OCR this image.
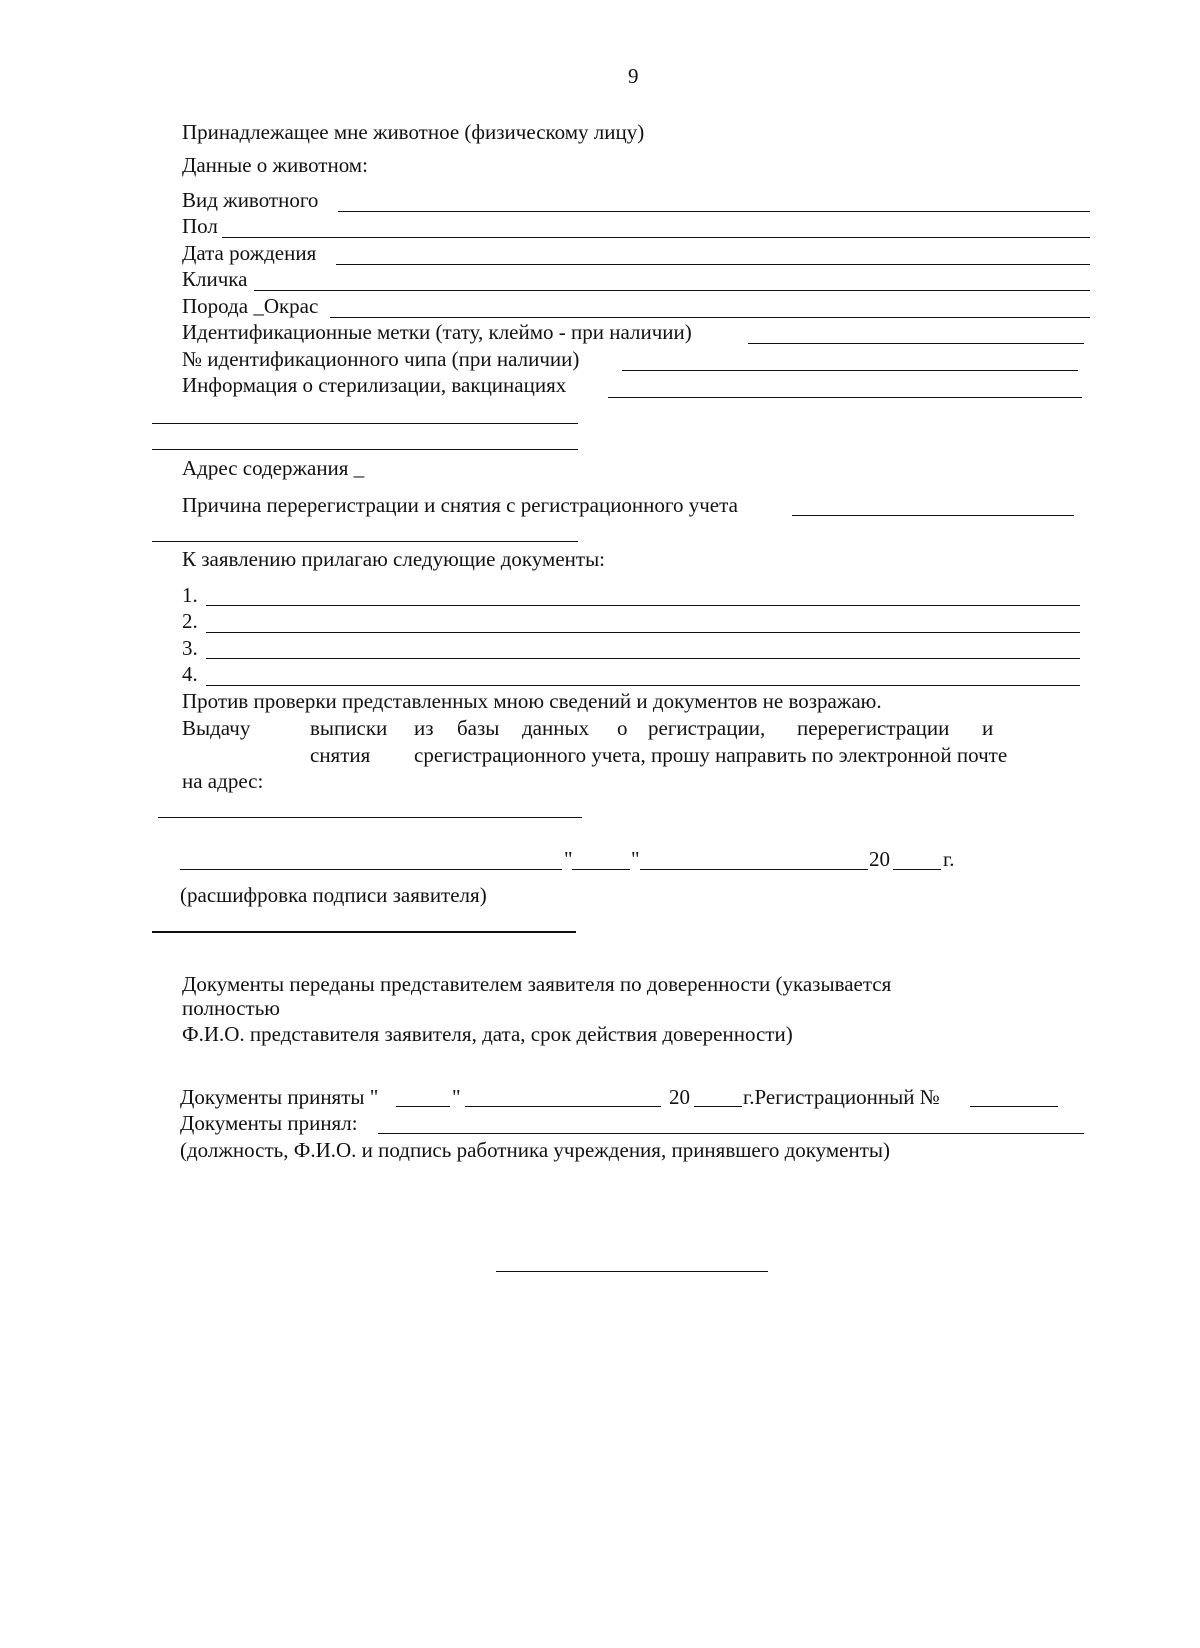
9
Принадлежащее мне животное (физическому лицу)
Данные о животном:
Вид животного
Пол
Дата рождения
Кличка
Порода _Окрас
Идентификационные метки (тату, клеймо - при наличии)
№ идентификационного чипа (при наличии)
Информация о стерилизации, вакцинациях
Адрес содержания _
Причина перерегистрации и снятия с регистрационного учета
К заявлению прилагаю следующие документы:
1.
2.
3.
4.
Против проверки представленных мною сведений и документов не возражаю.
Выдачу	выписки из базы данных о регистрации, перерегистрации и
снятия срегистрационного учета, прошу направить по электронной почте
на адрес:
"	"	20	г.
(расшифровка подписи заявителя)
Документы переданы представителем заявителя по доверенности (указывается
полностью
Ф.И.О. представителя заявителя, дата, срок действия доверенности)
Документы приняты "	"	20	г.Регистрационный №
Документы принял:
(должность, Ф.И.О. и подпись работника учреждения, принявшего документы)
